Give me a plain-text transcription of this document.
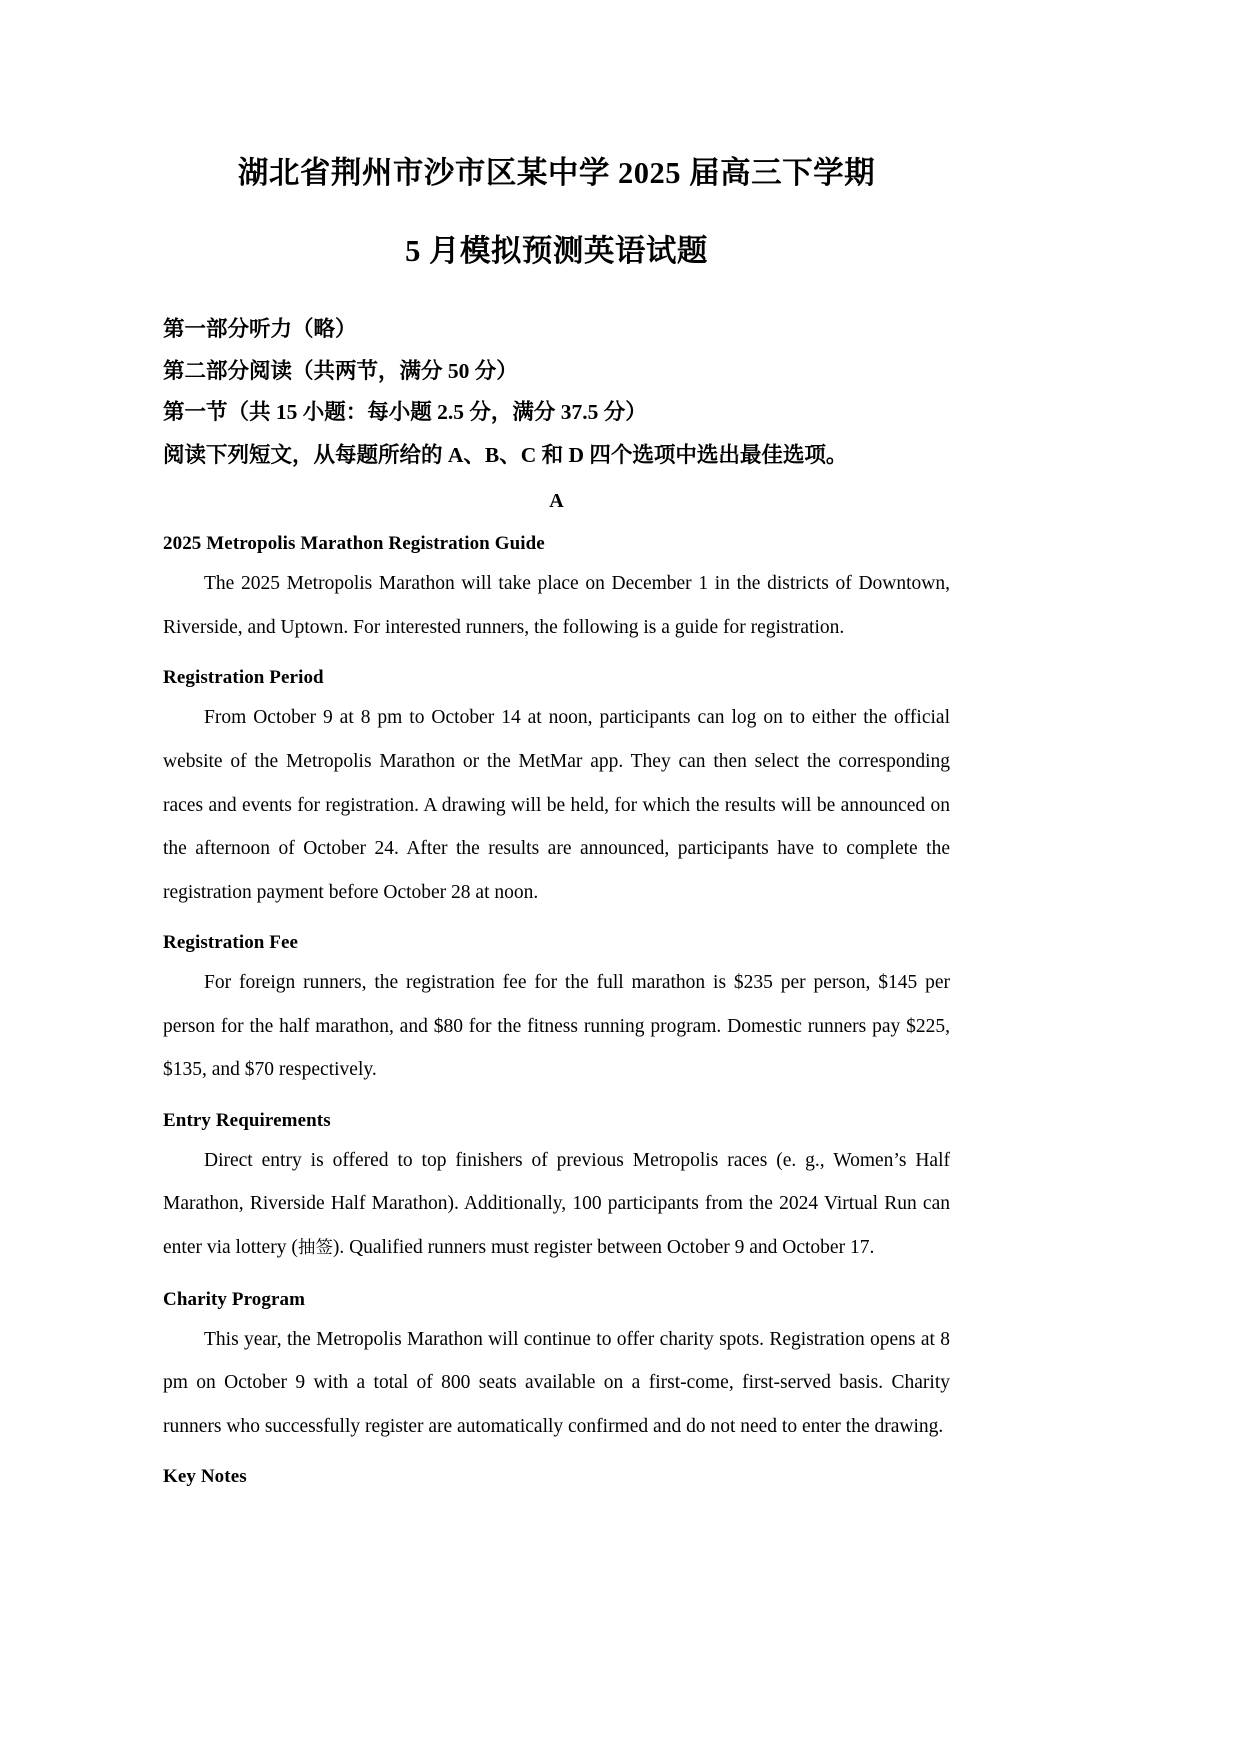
湖北省荆州市沙市区某中学 2025 届高三下学期
5 月模拟预测英语试题
第一部分听力（略）
第二部分阅读（共两节，满分 50 分）
第一节（共 15 小题：每小题 2.5 分，满分 37.5 分）
阅读下列短文，从每题所给的 A、B、C 和 D 四个选项中选出最佳选项。
A
2025 Metropolis Marathon Registration Guide
The 2025 Metropolis Marathon will take place on December 1 in the districts of Downtown, Riverside, and Uptown. For interested runners, the following is a guide for registration.
Registration Period
From October 9 at 8 pm to October 14 at noon, participants can log on to either the official website of the Metropolis Marathon or the MetMar app. They can then select the corresponding races and events for registration. A drawing will be held, for which the results will be announced on the afternoon of October 24. After the results are announced, participants have to complete the registration payment before October 28 at noon.
Registration Fee
For foreign runners, the registration fee for the full marathon is $235 per person, $145 per person for the half marathon, and $80 for the fitness running program. Domestic runners pay $225, $135, and $70 respectively.
Entry Requirements
Direct entry is offered to top finishers of previous Metropolis races (e. g., Women’s Half Marathon, Riverside Half Marathon). Additionally, 100 participants from the 2024 Virtual Run can enter via lottery (抽签). Qualified runners must register between October 9 and October 17.
Charity Program
This year, the Metropolis Marathon will continue to offer charity spots. Registration opens at 8 pm on October 9 with a total of 800 seats available on a first-come, first-served basis. Charity runners who successfully register are automatically confirmed and do not need to enter the drawing.
Key Notes
